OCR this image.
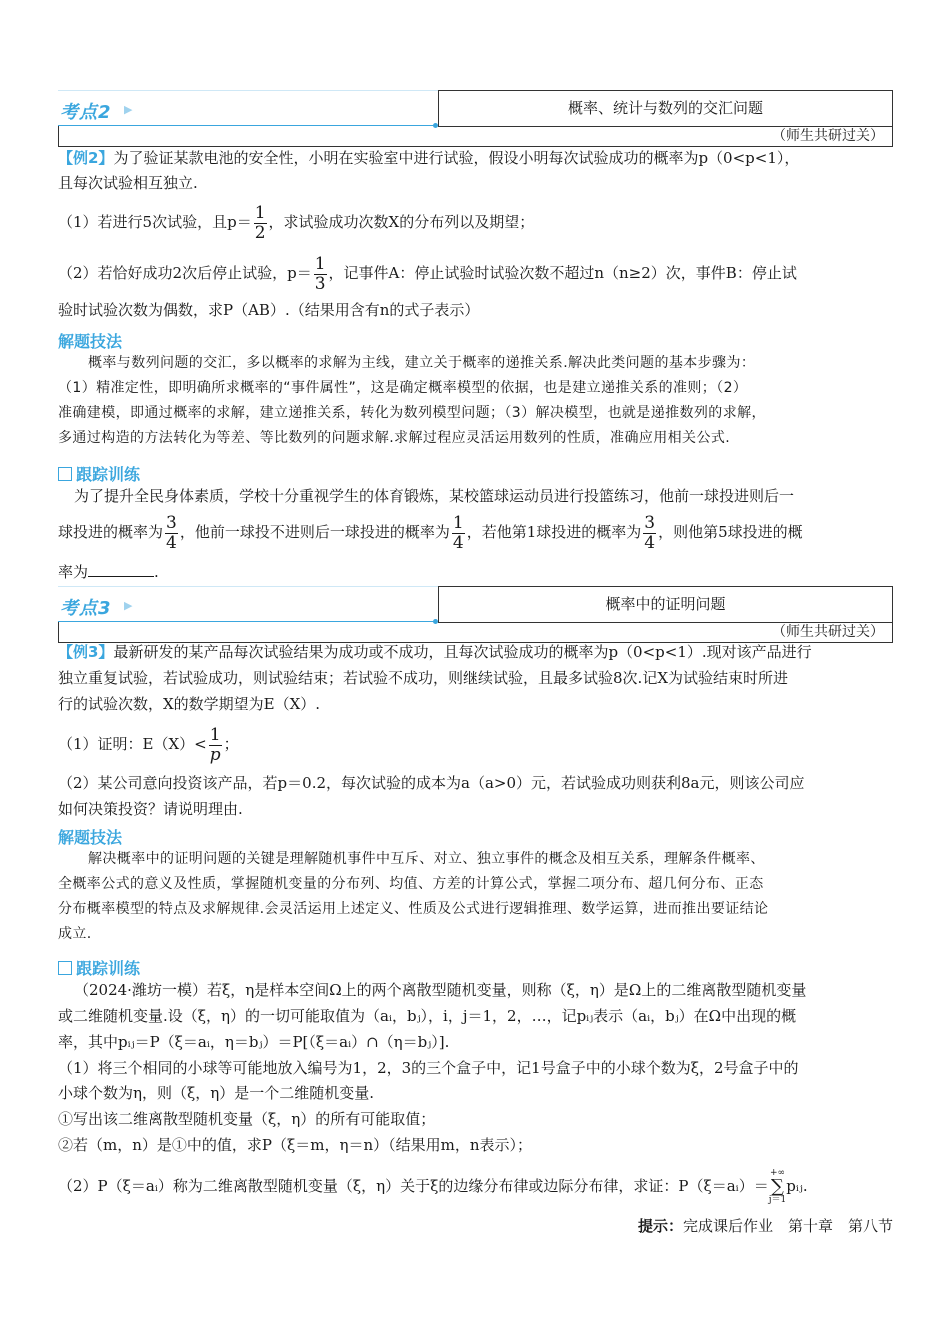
考点2 ▶	概率、统计与数列的交汇问题
（师生共研过关）
【例2】为了验证某款电池的安全性，小明在实验室中进行试验，假设小明每次试验成功的概率为p（0<p<1），
且每次试验相互独立.
（1）若进行5次试验，且$p= \frac{1}{2}$ ，求试验成功次数X的分布列以及期望；
（2）若恰好成功2次后停止试验，$p= \frac{1}{3}$ ，记事件A：停止试验时试验次数不超过n（n≥2）次，事件B：停止试
验时试验次数为偶数，求P（AB）.（结果用含有n的式子表示）
解题技法
概率与数列问题的交汇，多以概率的求解为主线，建立关于概率的递推关系.解决此类问题的基本步骤为：
（1）精准定性，即明确所求概率的“事件属性”，这是确定概率模型的依据，也是建立递推关系的准则；（2）
准确建模，即通过概率的求解，建立递推关系，转化为数列模型问题；（3）解决模型，也就是递推数列的求解，
多通过构造的方法转化为等差、等比数列的问题求解.求解过程应灵活运用数列的性质，准确应用相关公式.
跟踪训练
为了提升全民身体素质，学校十分重视学生的体育锻炼，某校篮球运动员进行投篮练习，他前一球投进则后一
球投进的概率为 $\frac{3}{4}$ ，他前一球投不进则后一球投进的概率为 $\frac{1}{4}$ ，若他第1球投进的概率为 $\frac{3}{4}$ ，则他第5球投进的概
率为	.
考点3 ▶	概率中的证明问题
（师生共研过关）
【例3】最新研发的某产品每次试验结果为成功或不成功，且每次试验成功的概率为p（0<p<1）.现对该产品进行
独立重复试验，若试验成功，则试验结束；若试验不成功，则继续试验，且最多试验8次.记X为试验结束时所进
行的试验次数，X的数学期望为E（X）.
（1）证明：$E(X)< \frac{1}{p}$ ；
（2）某公司意向投资该产品，若p＝0.2，每次试验的成本为a（a>0）元，若试验成功则获利8a元，则该公司应
如何决策投资？请说明理由.
解题技法
解决概率中的证明问题的关键是理解随机事件中互斥、对立、独立事件的概念及相互关系，理解条件概率、
全概率公式的意义及性质，掌握随机变量的分布列、均值、方差的计算公式，掌握二项分布、超几何分布、正态
分布概率模型的特点及求解规律.会灵活运用上述定义、性质及公式进行逻辑推理、数学运算，进而推出要证结论
成立.
跟踪训练
（2024·潍坊一模）若ξ，η是样本空间Ω上的两个离散型随机变量，则称（ξ，η）是Ω上的二维离散型随机变量
或二维随机变量.设（ξ，η）的一切可能取值为（aᵢ，bⱼ），i，j＝1，2，…，记pᵢⱼ表示（aᵢ，bⱼ）在Ω中出现的概
率，其中pᵢⱼ＝P（ξ＝aᵢ，η＝bⱼ）＝P[（ξ＝aᵢ）∩（η＝bⱼ）].
（1）将三个相同的小球等可能地放入编号为1，2，3的三个盒子中，记1号盒子中的小球个数为ξ，2号盒子中的
小球个数为η，则（ξ，η）是一个二维随机变量.
①写出该二维离散型随机变量（ξ，η）的所有可能取值；
②若（m，n）是①中的值，求P（ξ＝m，η＝n）（结果用m，n表示）；
（2）P（ξ＝aᵢ）称为二维离散型随机变量（ξ，η）关于ξ的边缘分布律或边际分布律，求证：P（ξ＝aᵢ）＝
+∞
∑
j＝1
pᵢⱼ.
提示：完成课后作业　第十章　第八节
